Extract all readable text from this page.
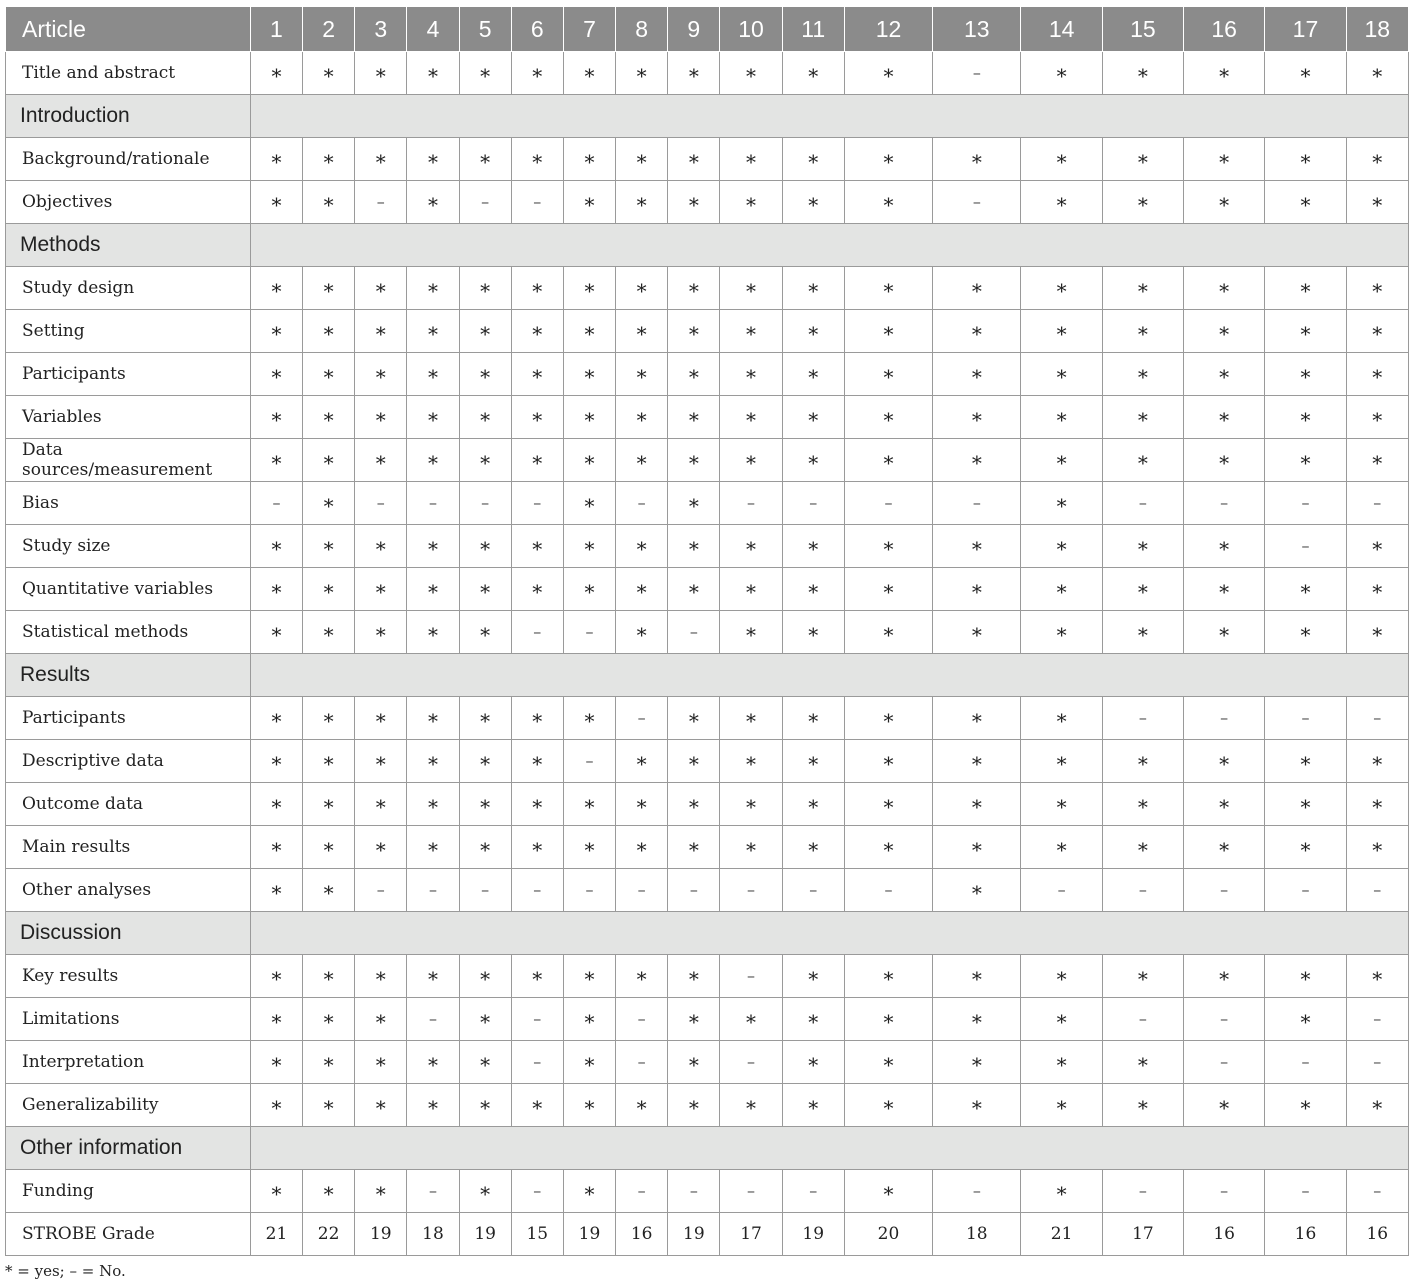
Article	1	2	3	4	5	6	7	8	9	10	11	12	13	14	15	16	17	18
Title and abstract	*	*	*	*	*	*	*	*	*	*	*	*	–	*	*	*	*	*
Introduction																		
Background/rationale	*	*	*	*	*	*	*	*	*	*	*	*	*	*	*	*	*	*
Objectives	*	*	–	*	–	–	*	*	*	*	*	*	–	*	*	*	*	*
Methods																		
Study design	*	*	*	*	*	*	*	*	*	*	*	*	*	*	*	*	*	*
Setting	*	*	*	*	*	*	*	*	*	*	*	*	*	*	*	*	*	*
Participants	*	*	*	*	*	*	*	*	*	*	*	*	*	*	*	*	*	*
Variables	*	*	*	*	*	*	*	*	*	*	*	*	*	*	*	*	*	*
Data sources/measurement	*	*	*	*	*	*	*	*	*	*	*	*	*	*	*	*	*	*
Bias	–	*	–	–	–	–	*	–	*	–	–	–	–	*	–	–	–	–
Study size	*	*	*	*	*	*	*	*	*	*	*	*	*	*	*	*	–	*
Quantitative variables	*	*	*	*	*	*	*	*	*	*	*	*	*	*	*	*	*	*
Statistical methods	*	*	*	*	*	–	–	*	–	*	*	*	*	*	*	*	*	*
Results																		
Participants	*	*	*	*	*	*	*	–	*	*	*	*	*	*	–	–	–	–
Descriptive data	*	*	*	*	*	*	–	*	*	*	*	*	*	*	*	*	*	*
Outcome data	*	*	*	*	*	*	*	*	*	*	*	*	*	*	*	*	*	*
Main results	*	*	*	*	*	*	*	*	*	*	*	*	*	*	*	*	*	*
Other analyses	*	*	–	–	–	–	–	–	–	–	–	–	*	–	–	–	–	–
Discussion																		
Key results	*	*	*	*	*	*	*	*	*	–	*	*	*	*	*	*	*	*
Limitations	*	*	*	–	*	–	*	–	*	*	*	*	*	*	–	–	*	–
Interpretation	*	*	*	*	*	–	*	–	*	–	*	*	*	*	*	–	–	–
Generalizability	*	*	*	*	*	*	*	*	*	*	*	*	*	*	*	*	*	*
Other information																		
Funding	*	*	*	–	*	–	*	–	–	–	–	*	–	*	–	–	–	–
STROBE Grade	21	22	19	18	19	15	19	16	19	17	19	20	18	21	17	16	16	16
* = yes; – = No.
